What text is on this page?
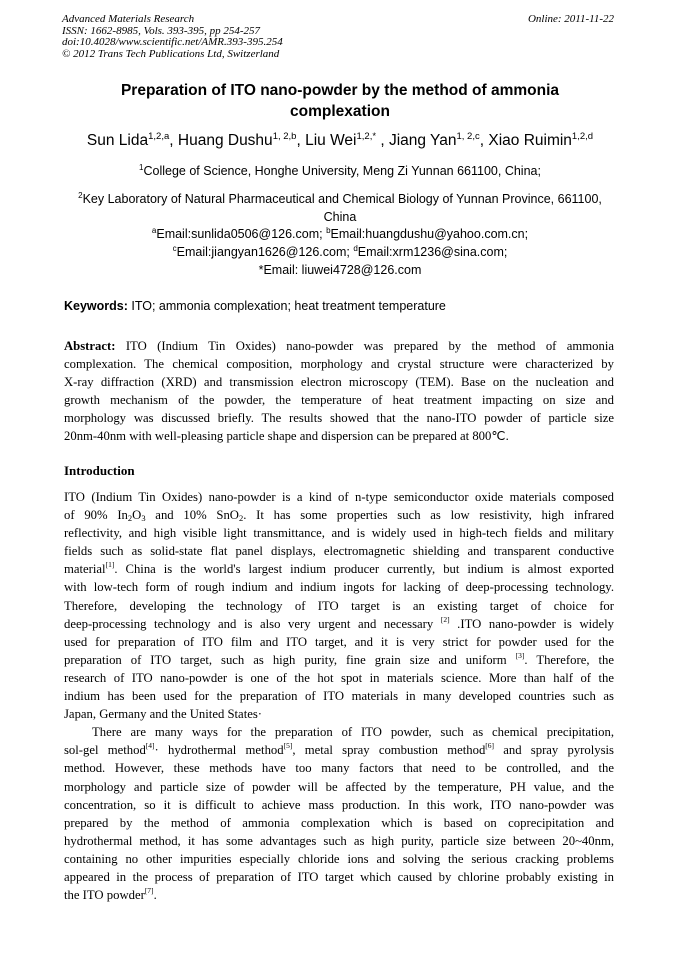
Advanced Materials Research
ISSN: 1662-8985, Vols. 393-395, pp 254-257
doi:10.4028/www.scientific.net/AMR.393-395.254
© 2012 Trans Tech Publications Ltd, Switzerland
Online: 2011-11-22
Preparation of ITO nano-powder by the method of ammonia
complexation
Sun Lida$^{1,2,a}$, Huang Dushu$^{1, 2,b}$, Liu Wei$^{1,2,*}$ , Jiang Yan$^{1, 2,c}$, Xiao Ruimin$^{1,2,d}$
$^1$College of Science, Honghe University, Meng Zi Yunnan 661100, China;
$^2$Key Laboratory of Natural Pharmaceutical and Chemical Biology of Yunnan Province, 661100,
China
$^a$Email:sunlida0506@126.com; $^b$Email:huangdushu@yahoo.com.cn;
$^c$Email:jiangyan1626@126.com; $^d$Email:xrm1236@sina.com;
*Email: liuwei4728@126.com
Keywords: ITO; ammonia complexation; heat treatment temperature
Abstract: ITO (Indium Tin Oxides) nano-powder was prepared by the method of ammonia
complexation. The chemical composition, morphology and crystal structure were characterized by
X-ray diffraction (XRD) and transmission electron microscopy (TEM). Base on the nucleation and
growth mechanism of the powder, the temperature of heat treatment impacting on size and
morphology was discussed briefly. The results showed that the nano-ITO powder of particle size
20nm-40nm with well-pleasing particle shape and dispersion can be prepared at 800℃.
Introduction
ITO (Indium Tin Oxides) nano-powder is a kind of n-type semiconductor oxide materials composed
of 90% $In_2O_3$ and 10% SnO$_2$. It has some properties such as low resistivity, high infrared
reflectivity, and high visible light transmittance, and is widely used in high-tech fields and military
fields such as solid-state flat panel displays, electromagnetic shielding and transparent conductive
material[1]. China is the world's largest indium producer currently, but indium is almost exported
with low-tech form of rough indium and indium ingots for lacking of deep-processing technology.
Therefore, developing the technology of ITO target is an existing target of choice for
deep-processing technology and is also very urgent and necessary [2] .ITO nano-powder is widely
used for preparation of ITO film and ITO target, and it is very strict for powder used for the
preparation of ITO target, such as high purity, fine grain size and uniform [3]. Therefore, the
research of ITO nano-powder is one of the hot spot in materials science. More than half of the
indium has been used for the preparation of ITO materials in many developed countries such as
Japan, Germany and the United States·
There are many ways for the preparation of ITO powder, such as chemical precipitation,
sol-gel method[4]· hydrothermal method[5], metal spray combustion method[6] and spray pyrolysis
method. However, these methods have too many factors that need to be controlled, and the
morphology and particle size of powder will be affected by the temperature, PH value, and the
concentration, so it is difficult to achieve mass production. In this work, ITO nano-powder was
prepared by the method of ammonia complexation which is based on coprecipitation and
hydrothermal method, it has some advantages such as high purity, particle size between 20~40nm,
containing no other impurities especially chloride ions and solving the serious cracking problems
appeared in the process of preparation of ITO target which caused by chlorine probably existing in
the ITO powder[7].
